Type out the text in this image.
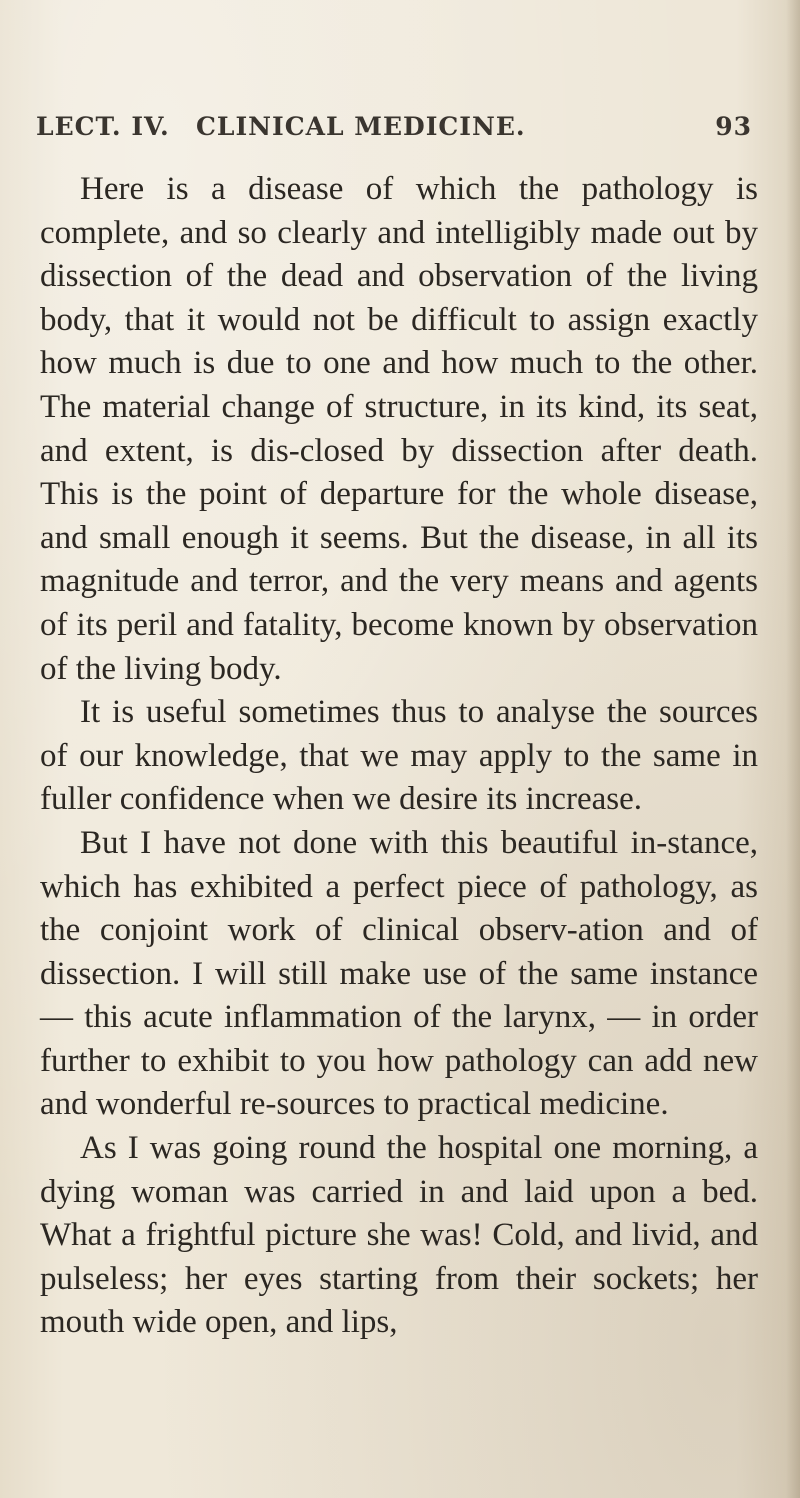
LECT. IV. CLINICAL MEDICINE.	93

Here is a disease of which the pathology is complete, and so clearly and intelligibly made out by dissection of the dead and observation of the living body, that it would not be difficult to assign exactly how much is due to one and how much to the other. The material change of structure, in its kind, its seat, and extent, is dis-closed by dissection after death. This is the point of departure for the whole disease, and small enough it seems. But the disease, in all its magnitude and terror, and the very means and agents of its peril and fatality, become known by observation of the living body.

It is useful sometimes thus to analyse the sources of our knowledge, that we may apply to the same in fuller confidence when we desire its increase.

But I have not done with this beautiful in-stance, which has exhibited a perfect piece of pathology, as the conjoint work of clinical observ-ation and of dissection. I will still make use of the same instance — this acute inflammation of the larynx, — in order further to exhibit to you how pathology can add new and wonderful re-sources to practical medicine.

As I was going round the hospital one morning, a dying woman was carried in and laid upon a bed. What a frightful picture she was! Cold, and livid, and pulseless; her eyes starting from their sockets; her mouth wide open, and lips,
